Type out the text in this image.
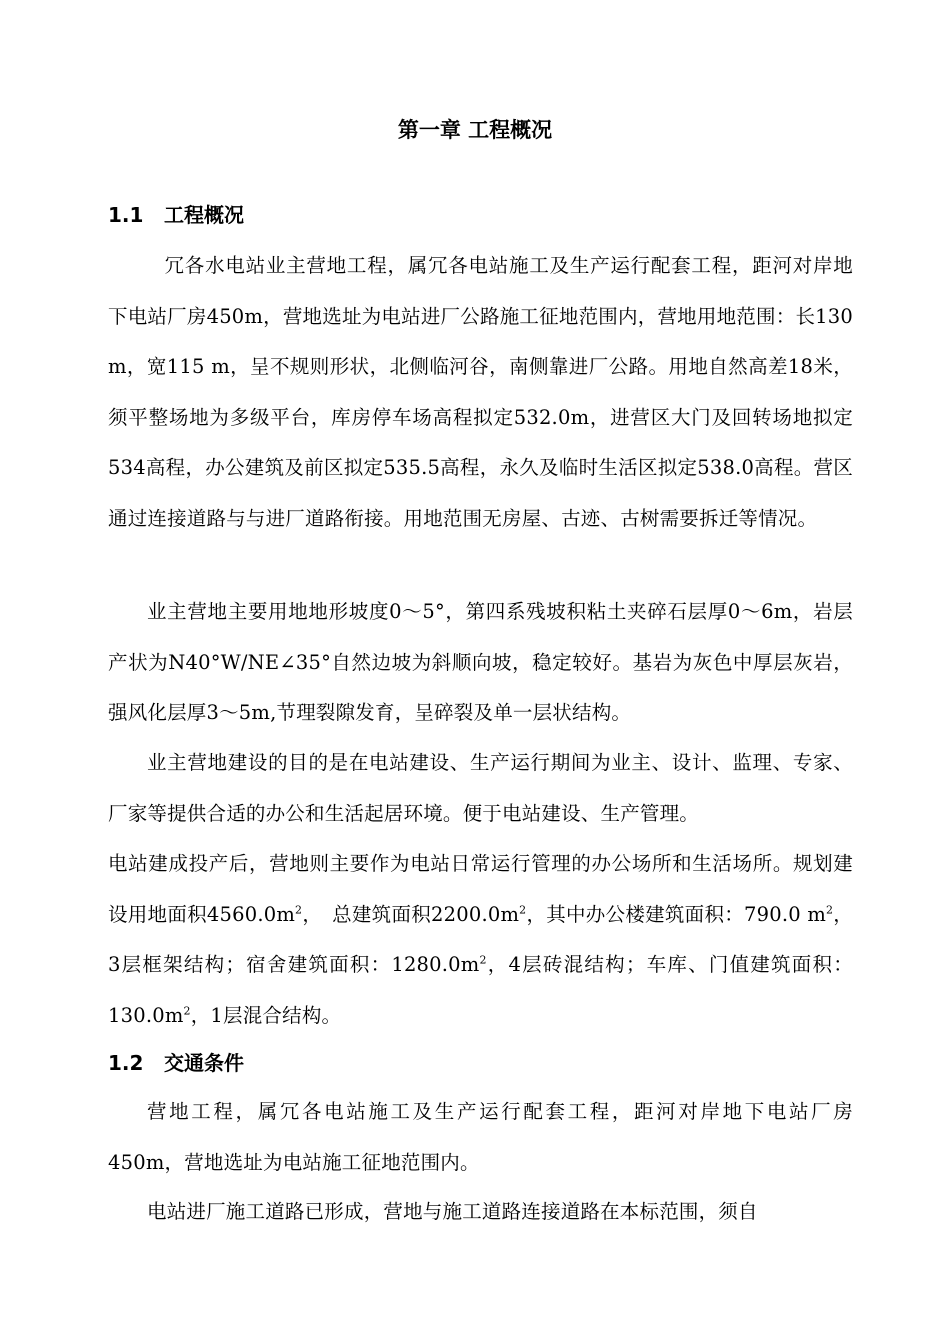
第一章 工程概况
1.1 工程概况
冗各水电站业主营地工程，属冗各电站施工及生产运行配套工程，距河对岸地下电站厂房450m，营地选址为电站进厂公路施工征地范围内，营地用地范围：长130 m，宽115 m，呈不规则形状，北侧临河谷，南侧靠进厂公路。用地自然高差18米，须平整场地为多级平台，库房停车场高程拟定532.0m，进营区大门及回转场地拟定534高程，办公建筑及前区拟定535.5高程，永久及临时生活区拟定538.0高程。营区通过连接道路与与进厂道路衔接。用地范围无房屋、古迹、古树需要拆迁等情况。
业主营地主要用地地形坡度0～5°，第四系残坡积粘土夹碎石层厚0～6m，岩层产状为N40°W/NE∠35°自然边坡为斜顺向坡，稳定较好。基岩为灰色中厚层灰岩，强风化层厚3～5m,节理裂隙发育，呈碎裂及单一层状结构。
业主营地建设的目的是在电站建设、生产运行期间为业主、设计、监理、专家、厂家等提供合适的办公和生活起居环境。便于电站建设、生产管理。
电站建成投产后，营地则主要作为电站日常运行管理的办公场所和生活场所。规划建设用地面积$4560.0m^2$，　总建筑面积$2200.0m^2$，其中办公楼建筑面积：790.0 $m^2$，3层框架结构；宿舍建筑面积：$1280.0m^2$，4层砖混结构；车库、门值建筑面积：$130.0m^2$，1层混合结构。
1.2 交通条件
营地工程，属冗各电站施工及生产运行配套工程，距河对岸地下电站厂房450m，营地选址为电站施工征地范围内。
电站进厂施工道路已形成，营地与施工道路连接道路在本标范围，须自
